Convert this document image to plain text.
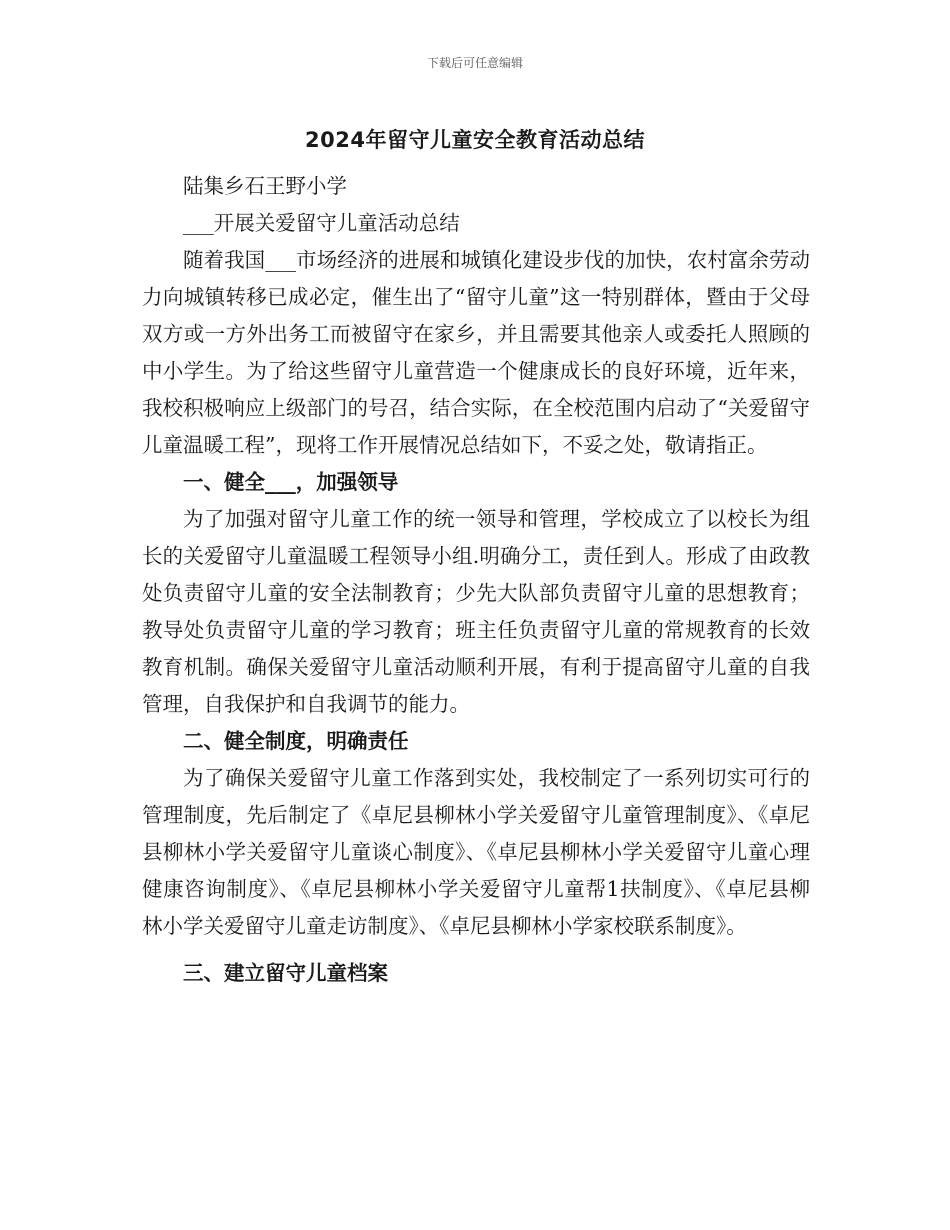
下载后可任意编辑
2024年留守儿童安全教育活动总结

陆集乡石王野小学

___开展关爱留守儿童活动总结

随着我国___市场经济的进展和城镇化建设步伐的加快，农村富余劳动力向城镇转移已成必定，催生出了“留守儿童”这一特别群体，暨由于父母双方或一方外出务工而被留守在家乡，并且需要其他亲人或委托人照顾的中小学生。为了给这些留守儿童营造一个健康成长的良好环境，近年来，我校积极响应上级部门的号召，结合实际，在全校范围内启动了“关爱留守儿童温暖工程”，现将工作开展情况总结如下，不妥之处，敬请指正。

一、健全___，加强领导

为了加强对留守儿童工作的统一领导和管理，学校成立了以校长为组长的关爱留守儿童温暖工程领导小组.明确分工，责任到人。形成了由政教处负责留守儿童的安全法制教育；少先大队部负责留守儿童的思想教育；教导处负责留守儿童的学习教育；班主任负责留守儿童的常规教育的长效教育机制。确保关爱留守儿童活动顺利开展，有利于提高留守儿童的自我管理，自我保护和自我调节的能力。

二、健全制度，明确责任

为了确保关爱留守儿童工作落到实处，我校制定了一系列切实可行的管理制度，先后制定了《卓尼县柳林小学关爱留守儿童管理制度》、《卓尼县柳林小学关爱留守儿童谈心制度》、《卓尼县柳林小学关爱留守儿童心理健康咨询制度》、《卓尼县柳林小学关爱留守儿童帮1扶制度》、《卓尼县柳林小学关爱留守儿童走访制度》、《卓尼县柳林小学家校联系制度》。

三、建立留守儿童档案
